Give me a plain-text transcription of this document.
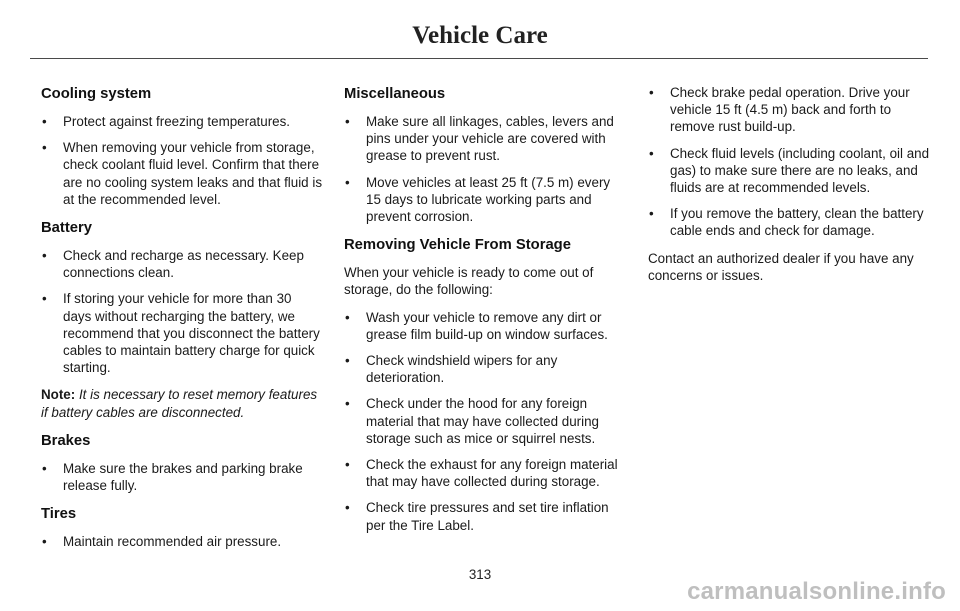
Vehicle Care
Cooling system
• Protect against freezing temperatures.
• When removing your vehicle from storage, check coolant fluid level. Confirm that there are no cooling system leaks and that fluid is at the recommended level.
Battery
• Check and recharge as necessary. Keep connections clean.
• If storing your vehicle for more than 30 days without recharging the battery, we recommend that you disconnect the battery cables to maintain battery charge for quick starting.

Note: It is necessary to reset memory features if battery cables are disconnected.

Brakes
• Make sure the brakes and parking brake release fully.
Tires
• Maintain recommended air pressure.
Miscellaneous
• Make sure all linkages, cables, levers and pins under your vehicle are covered with grease to prevent rust.
• Move vehicles at least 25 ft (7.5 m) every 15 days to lubricate working parts and prevent corrosion.
Removing Vehicle From Storage

When your vehicle is ready to come out of storage, do the following:

• Wash your vehicle to remove any dirt or grease film build-up on window surfaces.
• Check windshield wipers for any deterioration.
• Check under the hood for any foreign material that may have collected during storage such as mice or squirrel nests.
• Check the exhaust for any foreign material that may have collected during storage.
• Check tire pressures and set tire inflation per the Tire Label.
• Check brake pedal operation. Drive your vehicle 15 ft (4.5 m) back and forth to remove rust build-up.
• Check fluid levels (including coolant, oil and gas) to make sure there are no leaks, and fluids are at recommended levels.
• If you remove the battery, clean the battery cable ends and check for damage.

Contact an authorized dealer if you have any concerns or issues.

313
carmanualsonline.info
